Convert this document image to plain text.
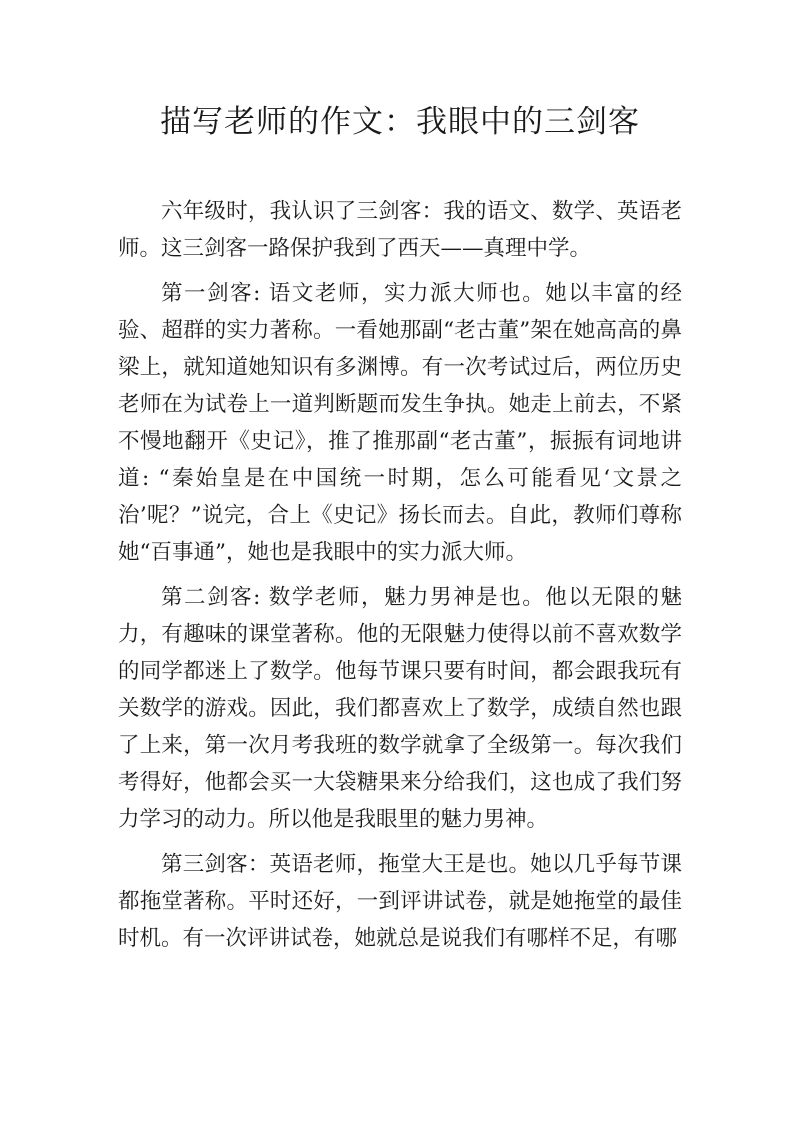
描写老师的作文：我眼中的三剑客

六年级时，我认识了三剑客：我的语文、数学、英语老师。这三剑客一路保护我到了西天——真理中学。

第一剑客: 语文老师，实力派大师也。她以丰富的经验、超群的实力著称。一看她那副“老古董”架在她高高的鼻梁上，就知道她知识有多渊博。有一次考试过后，两位历史老师在为试卷上一道判断题而发生争执。她走上前去，不紧不慢地翻开《史记》，推了推那副“老古董”，振振有词地讲道: “秦始皇是在中国统一时期，怎么可能看见‘文景之治’呢？”说完，合上《史记》扬长而去。自此，教师们尊称她“百事通”，她也是我眼中的实力派大师。

第二剑客: 数学老师，魅力男神是也。他以无限的魅力，有趣味的课堂著称。他的无限魅力使得以前不喜欢数学的同学都迷上了数学。他每节课只要有时间，都会跟我玩有关数学的游戏。因此，我们都喜欢上了数学，成绩自然也跟了上来，第一次月考我班的数学就拿了全级第一。每次我们考得好，他都会买一大袋糖果来分给我们，这也成了我们努力学习的动力。所以他是我眼里的魅力男神。

第三剑客：英语老师，拖堂大王是也。她以几乎每节课都拖堂著称。平时还好，一到评讲试卷，就是她拖堂的最佳时机。有一次评讲试卷，她就总是说我们有哪样不足，有哪
